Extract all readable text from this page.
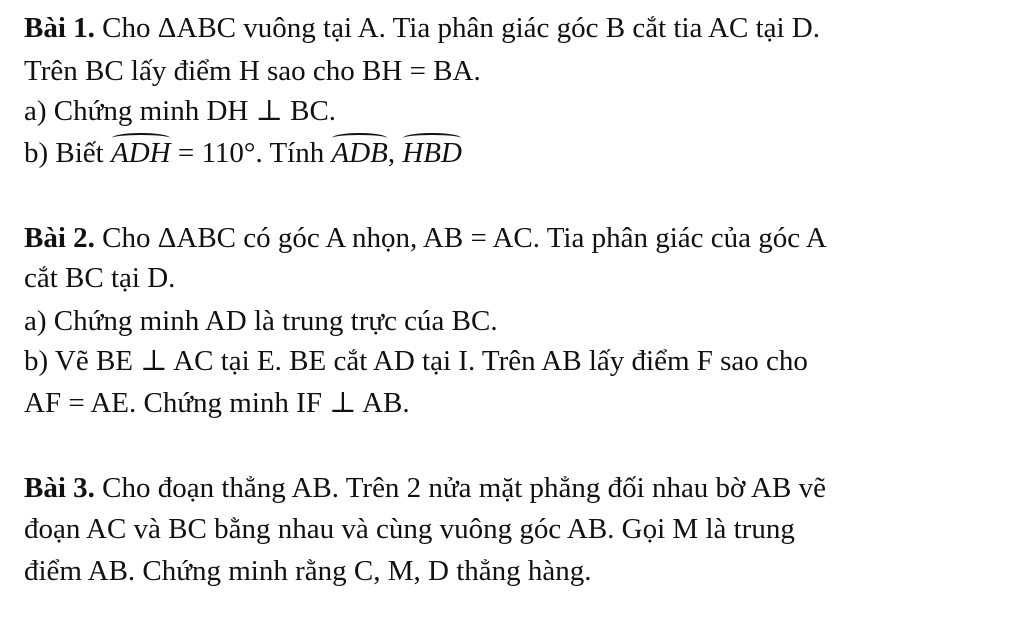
Bài 1. Cho ΔABC vuông tại A. Tia phân giác góc B cắt tia AC tại D.
Trên BC lấy điểm H sao cho BH = BA.
a) Chứng minh DH ⊥ BC.
b) Biết ADH = 110°. Tính ADB, HBD
Bài 2. Cho ΔABC có góc A nhọn, AB = AC. Tia phân giác của góc A
cắt BC tại D.
a) Chứng minh AD là trung trực cúa BC.
b) Vẽ BE ⊥ AC tại E. BE cắt AD tại I. Trên AB lấy điểm F sao cho
AF = AE. Chứng minh IF ⊥ AB.
Bài 3. Cho đoạn thẳng AB. Trên 2 nửa mặt phẳng đối nhau bờ AB vẽ
đoạn AC và BC bằng nhau và cùng vuông góc AB. Gọi M là trung
điểm AB. Chứng minh rằng C, M, D thẳng hàng.
